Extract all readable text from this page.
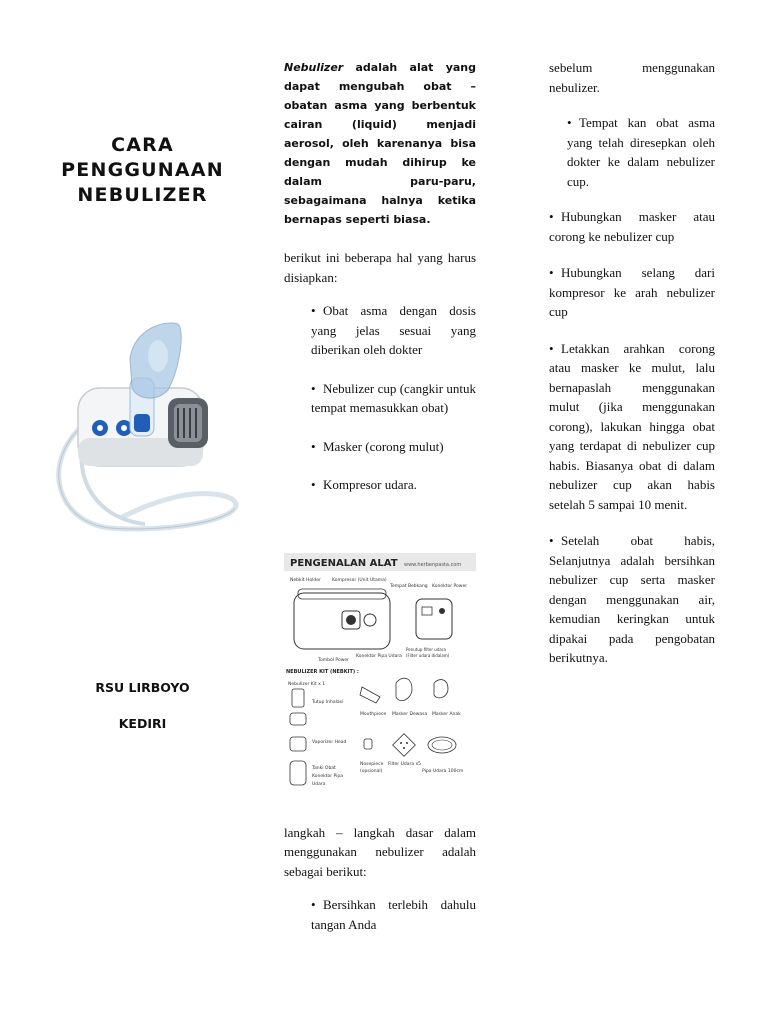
CARA
PENGGUNAAN
NEBULIZER
RSU LIRBOYO
KEDIRI

Nebulizer adalah alat yang dapat mengubah obat – obatan asma yang berbentuk cairan (liquid) menjadi aerosol, oleh karenanya bisa dengan mudah dihirup ke dalam paru-paru, sebagaimana halnya ketika bernapas seperti biasa.

berikut ini beberapa hal yang harus disiapkan:

• Obat asma dengan dosis yang jelas sesuai yang diberikan oleh dokter
• Nebulizer cup (cangkir untuk tempat memasukkan obat)
• Masker (corong mulut)
• Kompresor udara.
PENGENALAN ALAT www.herbenpasta.com
Nebkit Holder Kompresor (Unit Utama)
Tempat Bebkang Konektor Power
Penutup filter udara
(Filter udara didalam)
Tombol Power
Konektor Pipa Udara
NEBULIZER KIT (NEBKIT) :
Nebulizer Kit x 1
Tutup Inhalasi
Vaporizer Head
Tanki Obat
Konektor Pipa
Udara
Mouthpiece Masker Dewasa Masker Anak
Nosepiece
(opsional)
Filter Udara x5
Pipa Udara 100cm

langkah – langkah dasar dalam menggunakan nebulizer adalah sebagai berikut:

• Bersihkan terlebih dahulu tangan Anda

sebelum menggunakan nebulizer.

• Tempat kan obat asma yang telah diresepkan oleh dokter ke dalam nebulizer cup.
• Hubungkan masker atau corong ke nebulizer cup
• Hubungkan selang dari kompresor ke arah nebulizer cup
• Letakkan arahkan corong atau masker ke mulut, lalu bernapaslah menggunakan mulut (jika menggunakan corong), lakukan hingga obat yang terdapat di nebulizer cup habis. Biasanya obat di dalam nebulizer cup akan habis setelah 5 sampai 10 menit.
• Setelah obat habis, Selanjutnya adalah bersihkan nebulizer cup serta masker dengan menggunakan air, kemudian keringkan untuk dipakai pada pengobatan berikutnya.
